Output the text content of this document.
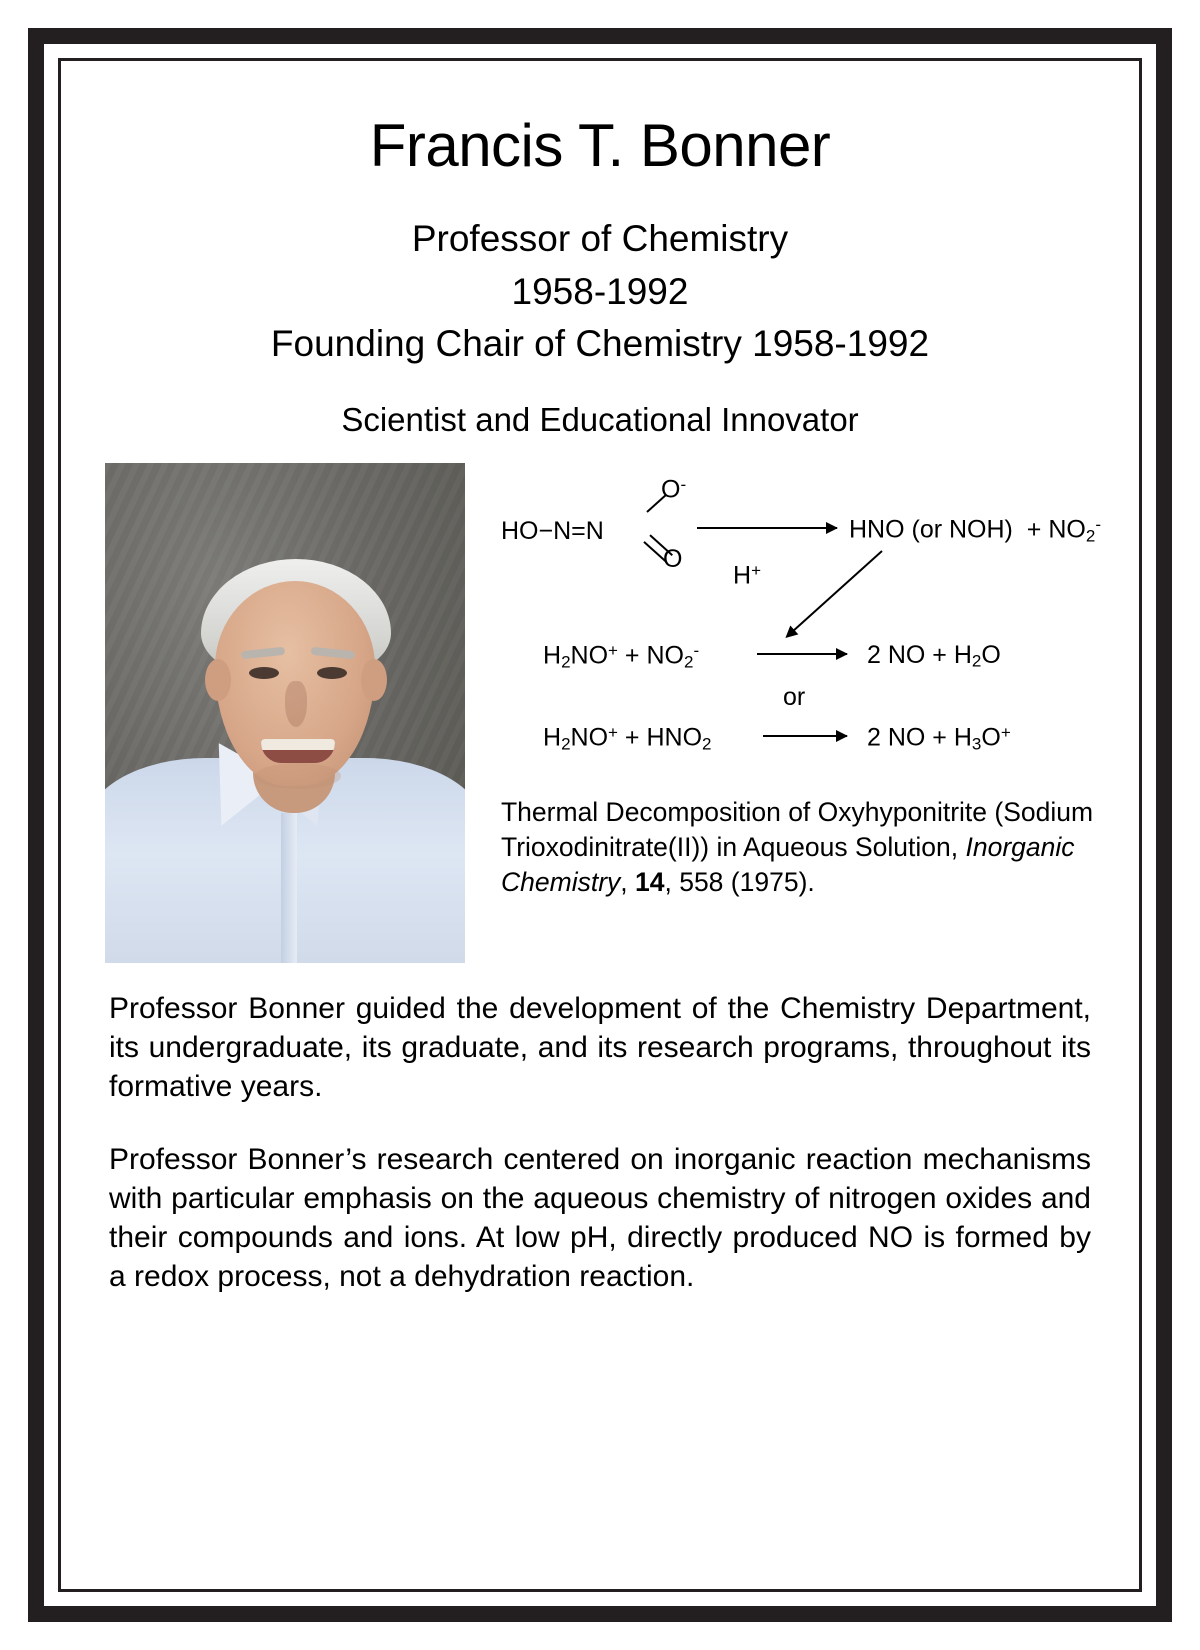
Francis T. Bonner
Professor of Chemistry
1958-1992
Founding Chair of Chemistry 1958-1992
Scientist and Educational Innovator
HO−N=N
O-
O
HNO (or $NOH) + NO_2^-$
H+
$H_2NO^+ + NO_2^-$	2 NO + $H_2O$
or
$H_2NO^+ + HNO_2$	2 NO + $H_3O^+$
Thermal Decomposition of Oxyhyponitrite (Sodium Trioxodinitrate(II)) in Aqueous Solution, Inorganic Chemistry, 14, 558 (1975).

Professor Bonner guided the development of the Chemistry Department, its undergraduate, its graduate, and its research programs, throughout its formative years.

Professor Bonner’s research centered on inorganic reaction mechanisms with particular emphasis on the aqueous chemistry of nitrogen oxides and their compounds and ions. At low pH, directly produced NO is formed by a redox process, not a dehydration reaction.
